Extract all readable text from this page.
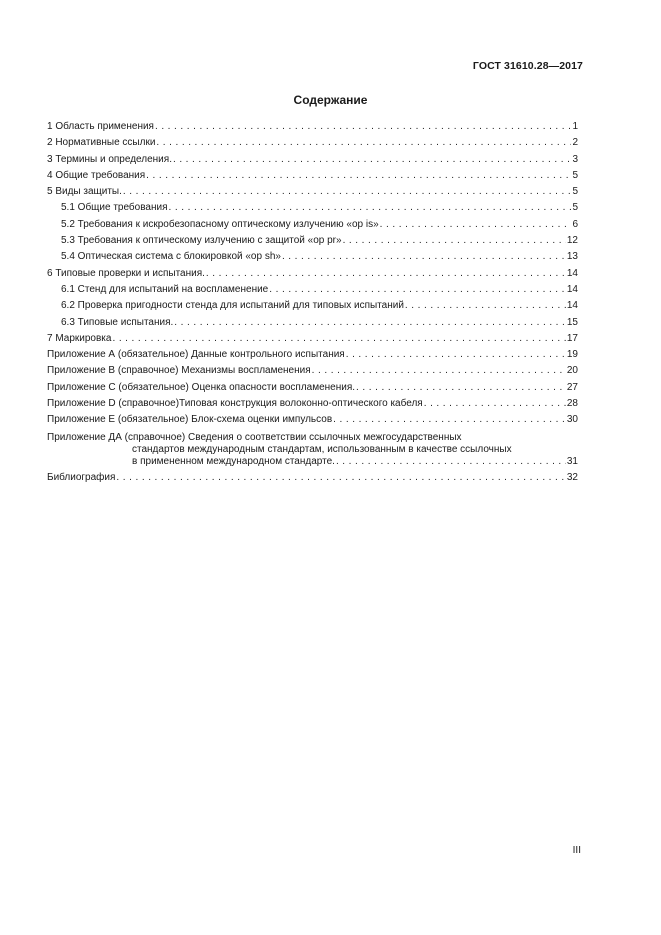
ГОСТ 31610.28—2017
Содержание
1 Область применения . . .	1
2 Нормативные ссылки . . .	2
3 Термины и определения. . . .	3
4 Общие требования . . .	5
5 Виды защиты. . . .	5
5.1 Общие требования . . .	5
5.2 Требования к искробезопасному оптическому излучению «op is» . . .	6
5.3 Требования к оптическому излучению с защитой «op pr» . . .	12
5.4 Оптическая система с блокировкой «op sh» . . .	13
6 Типовые проверки и испытания. . . .	14
6.1 Стенд для испытаний на воспламенение . . .	14
6.2 Проверка пригодности стенда для испытаний для типовых испытаний . . .	14
6.3 Типовые испытания. . . .	15
7 Маркировка . . .	17
Приложение А (обязательное) Данные контрольного испытания . . .	19
Приложение В (справочное) Механизмы воспламенения . . .	20
Приложение С (обязательное) Оценка опасности воспламенения. . . .	27
Приложение D (справочное)Типовая конструкция волоконно-оптического кабеля . . .	28
Приложение Е (обязательное) Блок-схема оценки импульсов . . .	30
Приложение ДА (справочное) Сведения о соответствии ссылочных межгосударственных
стандартов международным стандартам, использованным в качестве ссылочных
в примененном международном стандарте. . . .	31
Библиография . . .	32
III
